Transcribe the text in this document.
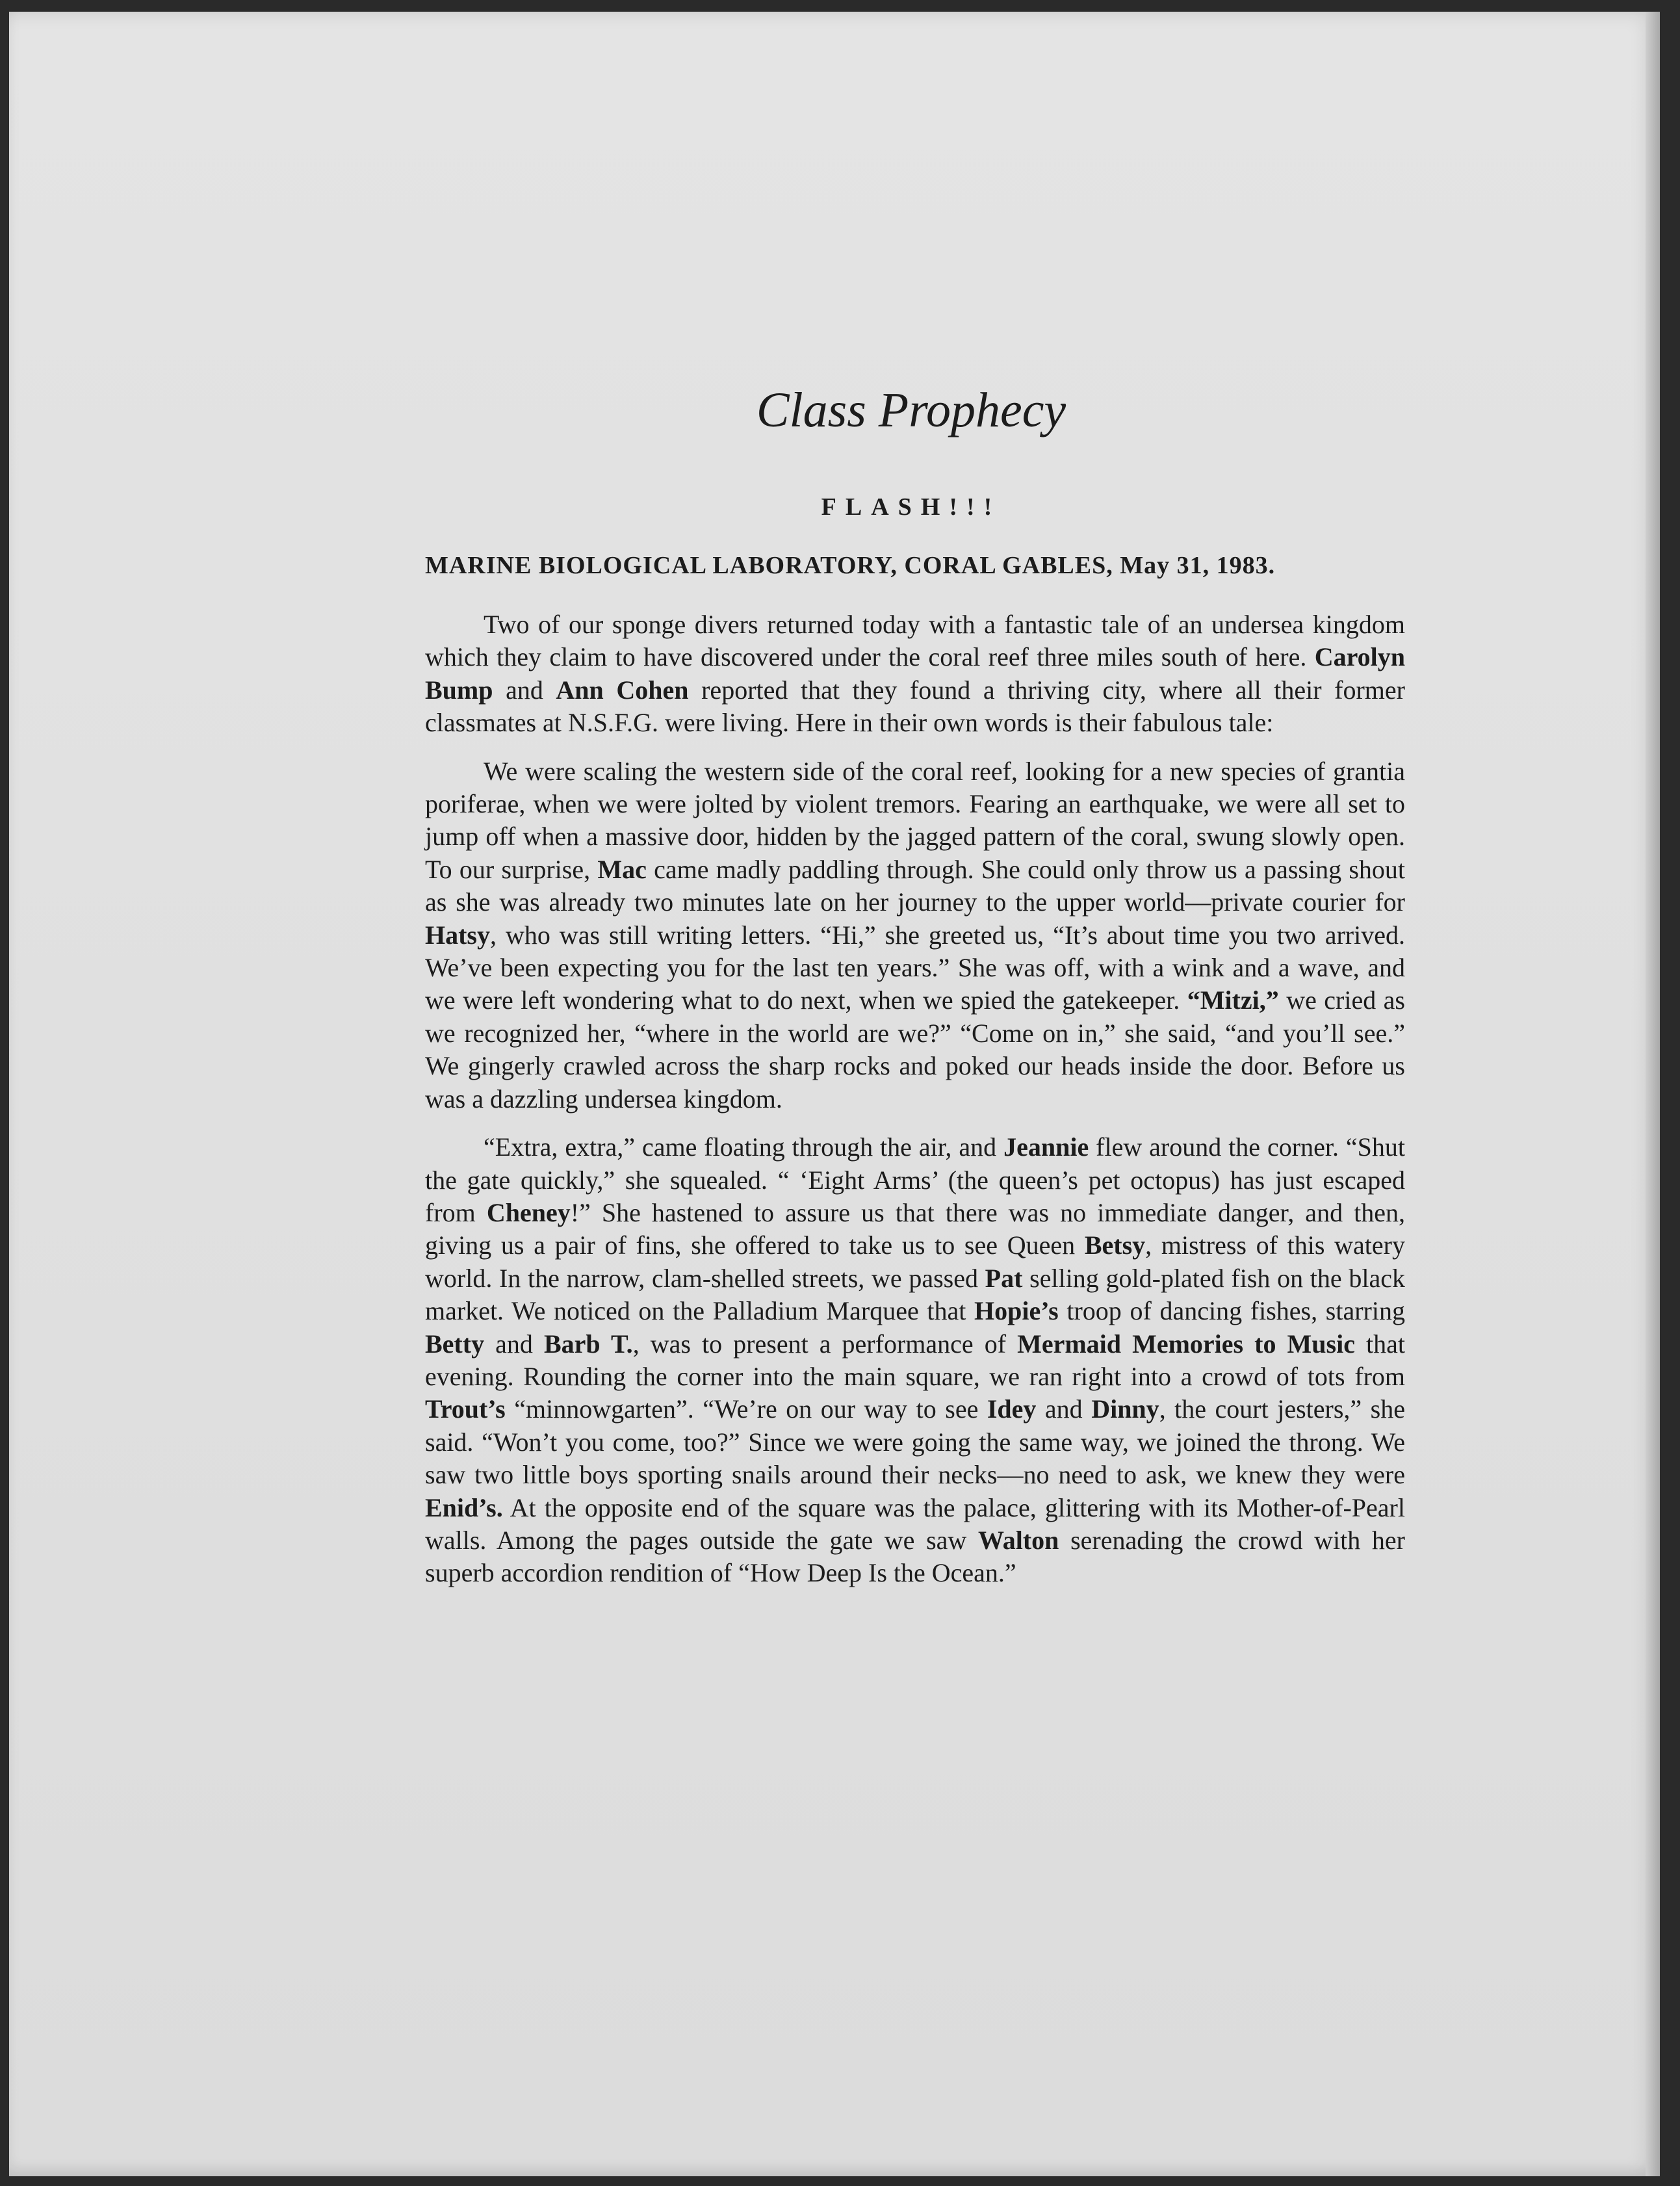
Class Prophecy
FLASH!!!
MARINE BIOLOGICAL LABORATORY, CORAL GABLES, May 31, 1983.

Two of our sponge divers returned today with a fantastic tale of an undersea kingdom which they claim to have discovered under the coral reef three miles south of here. Carolyn Bump and Ann Cohen reported that they found a thriving city, where all their former classmates at N.S.F.G. were living. Here in their own words is their fabulous tale:

We were scaling the western side of the coral reef, looking for a new species of grantia poriferae, when we were jolted by violent tremors. Fearing an earthquake, we were all set to jump off when a massive door, hidden by the jagged pattern of the coral, swung slowly open. To our surprise, Mac came madly paddling through. She could only throw us a passing shout as she was already two minutes late on her journey to the upper world—private courier for Hatsy, who was still writing letters. “Hi,” she greeted us, “It’s about time you two arrived. We’ve been expecting you for the last ten years.” She was off, with a wink and a wave, and we were left wondering what to do next, when we spied the gatekeeper. “Mitzi,” we cried as we recognized her, “where in the world are we?” “Come on in,” she said, “and you’ll see.” We gingerly crawled across the sharp rocks and poked our heads inside the door. Before us was a dazzling undersea kingdom.

“Extra, extra,” came floating through the air, and Jeannie flew around the corner. “Shut the gate quickly,” she squealed. “ ‘Eight Arms’ (the queen’s pet octopus) has just escaped from Cheney!” She hastened to assure us that there was no immediate danger, and then, giving us a pair of fins, she offered to take us to see Queen Betsy, mistress of this watery world. In the narrow, clam-shelled streets, we passed Pat selling gold-plated fish on the black market. We noticed on the Palladium Marquee that Hopie’s troop of dancing fishes, starring Betty and Barb T., was to present a performance of Mermaid Memories to Music that evening. Rounding the corner into the main square, we ran right into a crowd of tots from Trout’s “minnowgarten”. “We’re on our way to see Idey and Dinny, the court jesters,” she said. “Won’t you come, too?” Since we were going the same way, we joined the throng. We saw two little boys sporting snails around their necks—no need to ask, we knew they were Enid’s. At the opposite end of the square was the palace, glittering with its Mother-of-Pearl walls. Among the pages outside the gate we saw Walton serenading the crowd with her superb accordion rendition of “How Deep Is the Ocean.”
